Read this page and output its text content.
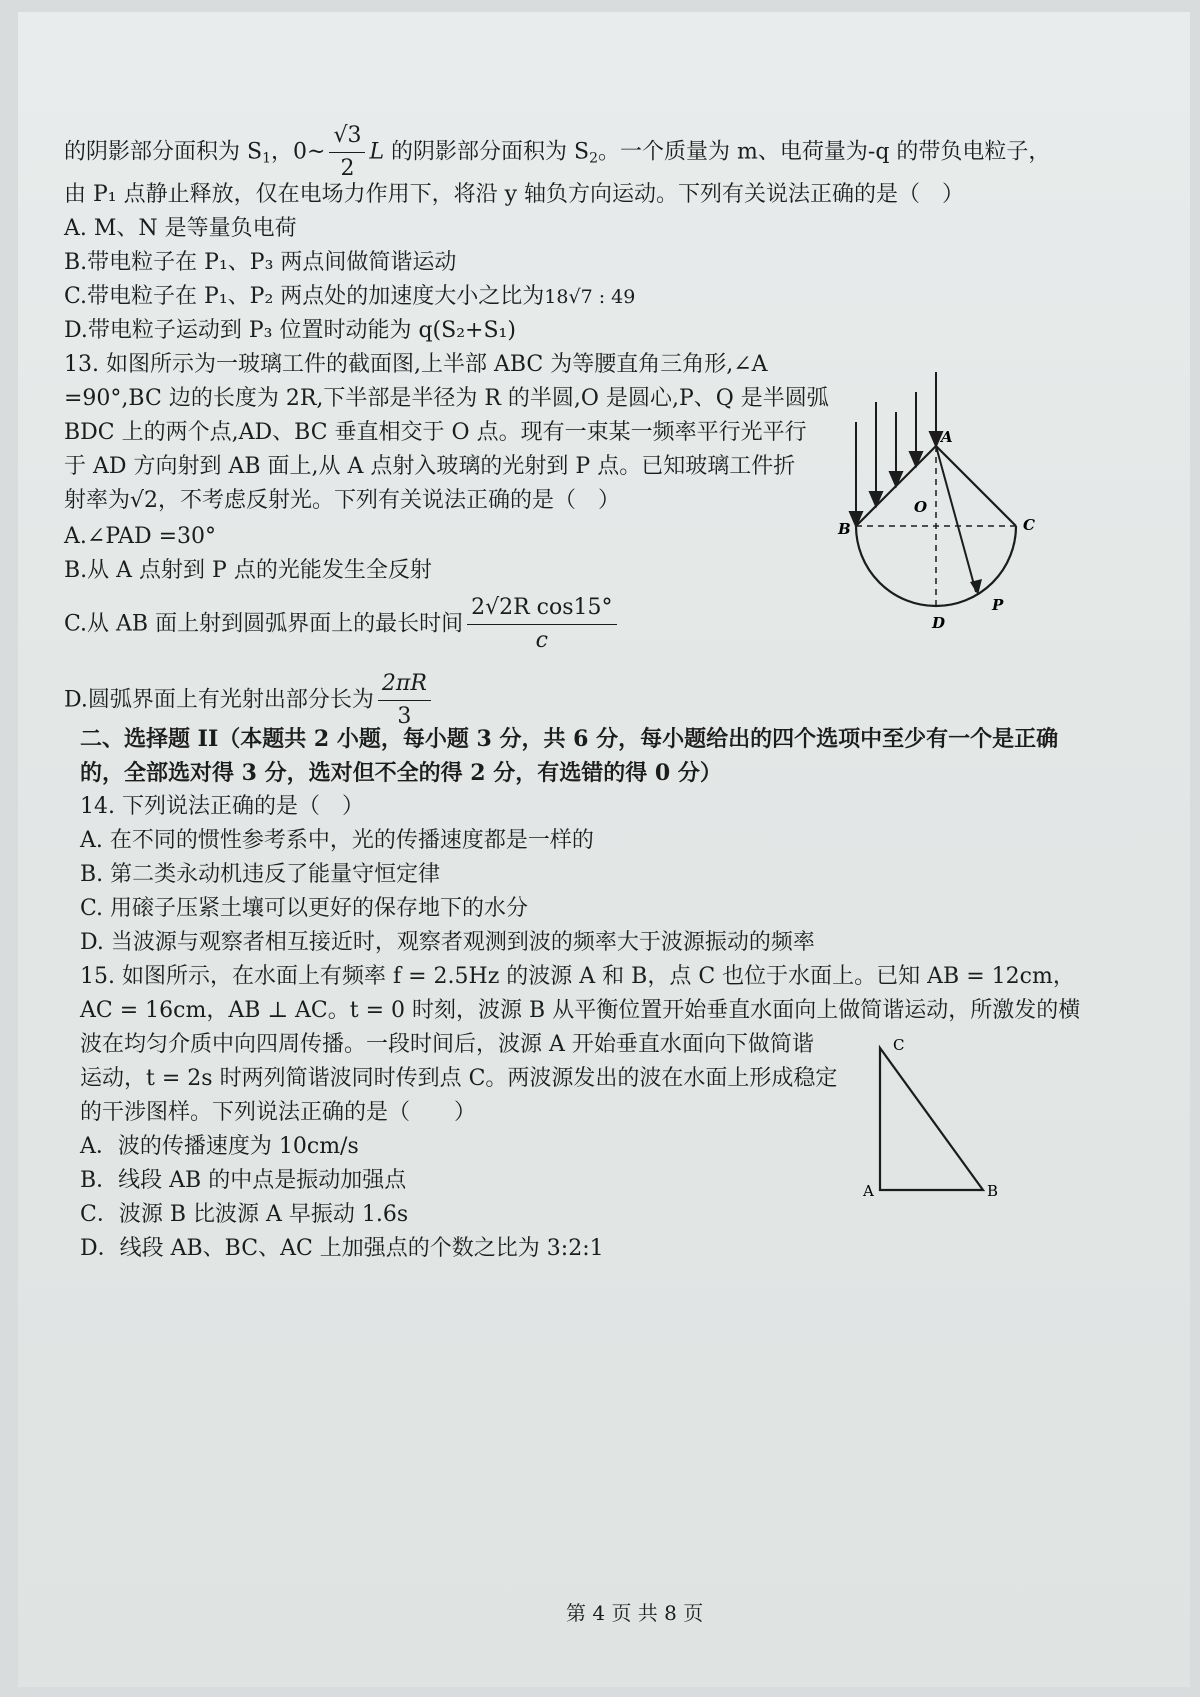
的阴影部分面积为 $S_1$，0~ $\frac{√3}{2}$ L 的阴影部分面积为 $S_2$。一个质量为 m、电荷量为-q 的带负电粒子，
由 P₁ 点静止释放，仅在电场力作用下，将沿 y 轴负方向运动。下列有关说法正确的是（　）
A. M、N 是等量负电荷
B.带电粒子在 P₁、P₃ 两点间做简谐运动
C.带电粒子在 P₁、P₂ 两点处的加速度大小之比为18√7 : 49
D.带电粒子运动到 P₃ 位置时动能为 q(S₂+S₁)
13. 如图所示为一玻璃工件的截面图,上半部 ABC 为等腰直角三角形,∠A
=90°,BC 边的长度为 2R,下半部是半径为 R 的半圆,O 是圆心,P、Q 是半圆弧
BDC 上的两个点,AD、BC 垂直相交于 O 点。现有一束某一频率平行光平行
于 AD 方向射到 AB 面上,从 A 点射入玻璃的光射到 P 点。已知玻璃工件折
射率为√2，不考虑反射光。下列有关说法正确的是（　）
A.∠PAD =30°
B.从 A 点射到 P 点的光能发生全反射
C.从 AB 面上射到圆弧界面上的最长时间 $\frac{\text{2√2R cos15°}}{c}$
D.圆弧界面上有光射出部分长为 $\frac{2\pi R}{3}$
A
B	C
O
D
P
二、选择题 II（本题共 2 小题，每小题 3 分，共 6 分，每小题给出的四个选项中至少有一个是正确
的，全部选对得 3 分，选对但不全的得 2 分，有选错的得 0 分）
14. 下列说法正确的是（　）
A. 在不同的惯性参考系中，光的传播速度都是一样的
B. 第二类永动机违反了能量守恒定律
C. 用磙子压紧土壤可以更好的保存地下的水分
D. 当波源与观察者相互接近时，观察者观测到波的频率大于波源振动的频率
15. 如图所示，在水面上有频率 f = 2.5Hz 的波源 A 和 B，点 C 也位于水面上。已知 AB = 12cm，
AC = 16cm，AB ⊥ AC。t = 0 时刻，波源 B 从平衡位置开始垂直水面向上做简谐运动，所激发的横
波在均匀介质中向四周传播。一段时间后，波源 A 开始垂直水面向下做简谐
运动，t = 2s 时两列简谐波同时传到点 C。两波源发出的波在水面上形成稳定
的干涉图样。下列说法正确的是（　　）
A．波的传播速度为 10cm/s
B．线段 AB 的中点是振动加强点
C．波源 B 比波源 A 早振动 1.6s
D．线段 AB、BC、AC 上加强点的个数之比为 3:2:1
C
A	B
第 4 页 共 8 页
